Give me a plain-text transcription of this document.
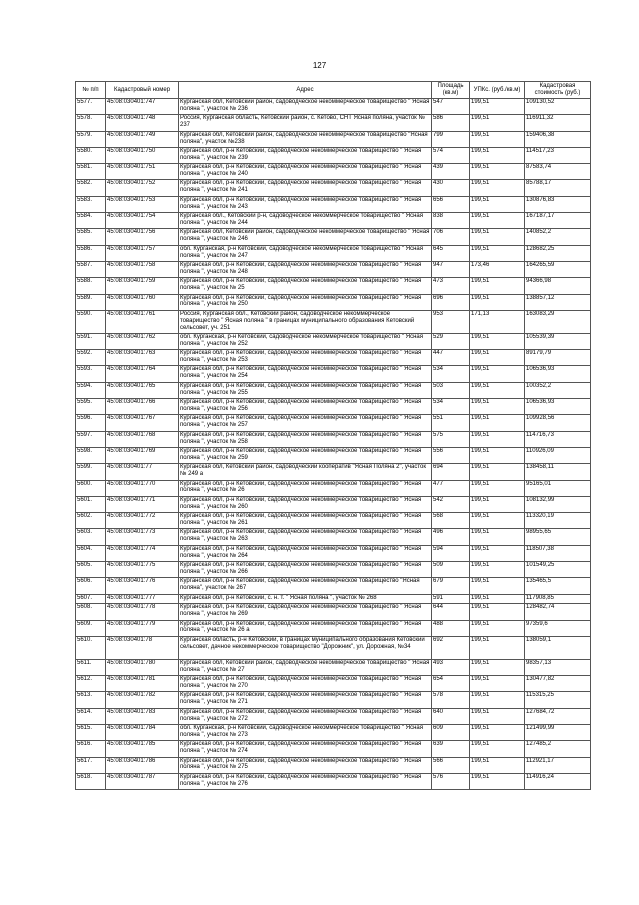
127
№ п/п	Кадастровый номер	Адрес	Площадь (кв.м)	УПКс. (руб./кв.м)	Кадастровая стоимость (руб.)
5577.	45:08:030401:747	Курганская обл, Кетовский район, садоводческое некоммерческое товарищество " Ясная поляна ", участок № 236	547	199,51	109130,52
5578.	45:08:030401:748	Россия, Курганская область, Кетовский район, с. Кетово, СНТ Ясная поляна, участок № 237	586	199,51	116911,32
5579.	45:08:030401:749	Курганская обл, Кетовский район, садоводческое некоммерческое товарищество "Ясная поляна", участок №238	799	199,51	159406,38
5580.	45:08:030401:750	Курганская обл, р-н Кетовский, садоводческое некоммерческое товарищество " Ясная поляна ", участок № 239	574	199,51	114517,23
5581.	45:08:030401:751	Курганская обл, р-н Кетовский, садоводческое некоммерческое товарищество " Ясная поляна ", участок № 240	439	199,51	87583,74
5582.	45:08:030401:752	Курганская обл, р-н Кетовский, садоводческое некоммерческое товарищество " Ясная поляна ", участок № 241	430	199,51	85788,17
5583.	45:08:030401:753	Курганская обл, р-н Кетовский, садоводческое некоммерческое товарищество " Ясная поляна ", участок № 243	656	199,51	130876,83
5584.	45:08:030401:754	Курганская обл., Кетовский р-н, садоводческое некоммерческое товарищество " Ясная поляна ", участок № 244	838	199,51	167187,17
5585.	45:08:030401:756	Курганская обл, Кетовский район, садоводческое некоммерческое товарищество " Ясная поляна ", участок № 246	706	199,51	140852,2
5586.	45:08:030401:757	обл. Курганская, р-н Кетовский, садоводческое некоммерческое товарищество " Ясная поляна ", участок № 247	645	199,51	128682,25
5587.	45:08:030401:758	Курганская обл, р-н Кетовский, садоводческое некоммерческое товарищество " Ясная поляна ", участок № 248	947	173,46	164265,59
5588.	45:08:030401:759	Курганская обл, р-н Кетовский, садоводческое некоммерческое товарищество " Ясная поляна ", участок № 25	473	199,51	94366,98
5589.	45:08:030401:760	Курганская обл, р-н Кетовский, садоводческое некоммерческое товарищество " Ясная поляна ", участок № 250	696	199,51	138857,12
5590.	45:08:030401:761	Россия, Курганская обл., Кетовский район, садоводческое некоммерческое товарищество " Ясная поляна " в границах муниципального образования Кетовский сельсовет, уч. 251	953	171,13	163083,29
5591.	45:08:030401:762	обл. Курганская, р-н Кетовский, садоводческое некоммерческое товарищество " Ясная поляна ", участок № 252	529	199,51	105539,39
5592.	45:08:030401:763	Курганская обл, р-н Кетовский, садоводческое некоммерческое товарищество " Ясная поляна ", участок № 253	447	199,51	89179,79
5593.	45:08:030401:764	Курганская обл, р-н Кетовский, садоводческое некоммерческое товарищество " Ясная поляна ", участок № 254	534	199,51	106536,93
5594.	45:08:030401:765	Курганская обл, р-н Кетовский, садоводческое некоммерческое товарищество " Ясная поляна ", участок № 255	503	199,51	100352,2
5595.	45:08:030401:766	Курганская обл, р-н Кетовский, садоводческое некоммерческое товарищество " Ясная поляна ", участок № 256	534	199,51	106536,93
5596.	45:08:030401:767	Курганская обл, р-н Кетовский, садоводческое некоммерческое товарищество " Ясная поляна ", участок № 257	551	199,51	109928,56
5597.	45:08:030401:768	Курганская обл, р-н Кетовский, садоводческое некоммерческое товарищество " Ясная поляна ", участок № 258	575	199,51	114716,73
5598.	45:08:030401:769	Курганская обл, р-н Кетовский, садоводческое некоммерческое товарищество " Ясная поляна ", участок № 259	556	199,51	110926,09
5599.	45:08:030401:77	Курганская обл, Кетовский район, садоводческий кооператив "Ясная Поляна 2", участок № 249 а	694	199,51	138458,11
5600.	45:08:030401:770	Курганская обл, р-н Кетовский, садоводческое некоммерческое товарищество " Ясная поляна ", участок № 26	477	199,51	95165,01
5601.	45:08:030401:771	Курганская обл, р-н Кетовский, садоводческое некоммерческое товарищество " Ясная поляна ", участок № 260	542	199,51	108132,99
5602.	45:08:030401:772	Курганская обл, р-н Кетовский, садоводческое некоммерческое товарищество " Ясная поляна ", участок № 261	568	199,51	113320,19
5603.	45:08:030401:773	Курганская обл, р-н Кетовский, садоводческое некоммерческое товарищество " Ясная поляна ", участок № 263	496	199,51	98955,65
5604.	45:08:030401:774	Курганская обл, р-н Кетовский, садоводческое некоммерческое товарищество " Ясная поляна ", участок № 264	594	199,51	118507,38
5605.	45:08:030401:775	Курганская обл, р-н Кетовский, садоводческое некоммерческое товарищество " Ясная поляна ", участок № 266	509	199,51	101549,25
5606.	45:08:030401:776	Курганская обл, р-н Кетовский, садоводческое некоммерческое товарищество "Ясная поляна", участок № 267	679	199,51	135465,5
5607.	45:08:030401:777	Курганская обл, р-н Кетовский, с. н. т. " Ясная поляна ", участок № 268	591	199,51	117908,85
5608.	45:08:030401:778	Курганская обл, р-н Кетовский, садоводческое некоммерческое товарищество " Ясная поляна ", участок № 269	644	199,51	128482,74
5609.	45:08:030401:779	Курганская обл, р-н Кетовский, садоводческое некоммерческое товарищество " Ясная поляна ", участок № 26 а	488	199,51	97359,6
5610.	45:08:030401:78	Курганская область, р-н Кетовский, в границах муниципального образования Кетовский сельсовет, дачное некоммерческое товарищество "Дорожник", ул. Дорожная, №34	692	199,51	138059,1
5611.	45:08:030401:780	Курганская обл, Кетовский район, садоводческое некоммерческое товарищество " Ясная поляна ", участок № 27	493	199,51	98357,13
5612.	45:08:030401:781	Курганская обл, р-н Кетовский, садоводческое некоммерческое товарищество " Ясная поляна ", участок № 270	654	199,51	130477,82
5613.	45:08:030401:782	Курганская обл, р-н Кетовский, садоводческое некоммерческое товарищество " Ясная поляна ", участок № 271	578	199,51	115315,25
5614.	45:08:030401:783	Курганская обл, р-н Кетовский, садоводческое некоммерческое товарищество " Ясная поляна ", участок № 272	640	199,51	127684,72
5615.	45:08:030401:784	обл. Курганская, р-н Кетовский, садоводческое некоммерческое товарищество " Ясная поляна ", участок № 273	609	199,51	121499,99
5616.	45:08:030401:785	Курганская обл, р-н Кетовский, садоводческое некоммерческое товарищество " Ясная поляна ", участок № 274	639	199,51	127485,2
5617.	45:08:030401:786	Курганская обл, р-н Кетовский, садоводческое некоммерческое товарищество " Ясная поляна ", участок № 275	566	199,51	112921,17
5618.	45:08:030401:787	Курганская обл, р-н Кетовский, садоводческое некоммерческое товарищество " Ясная поляна ", участок № 276	576	199,51	114916,24
